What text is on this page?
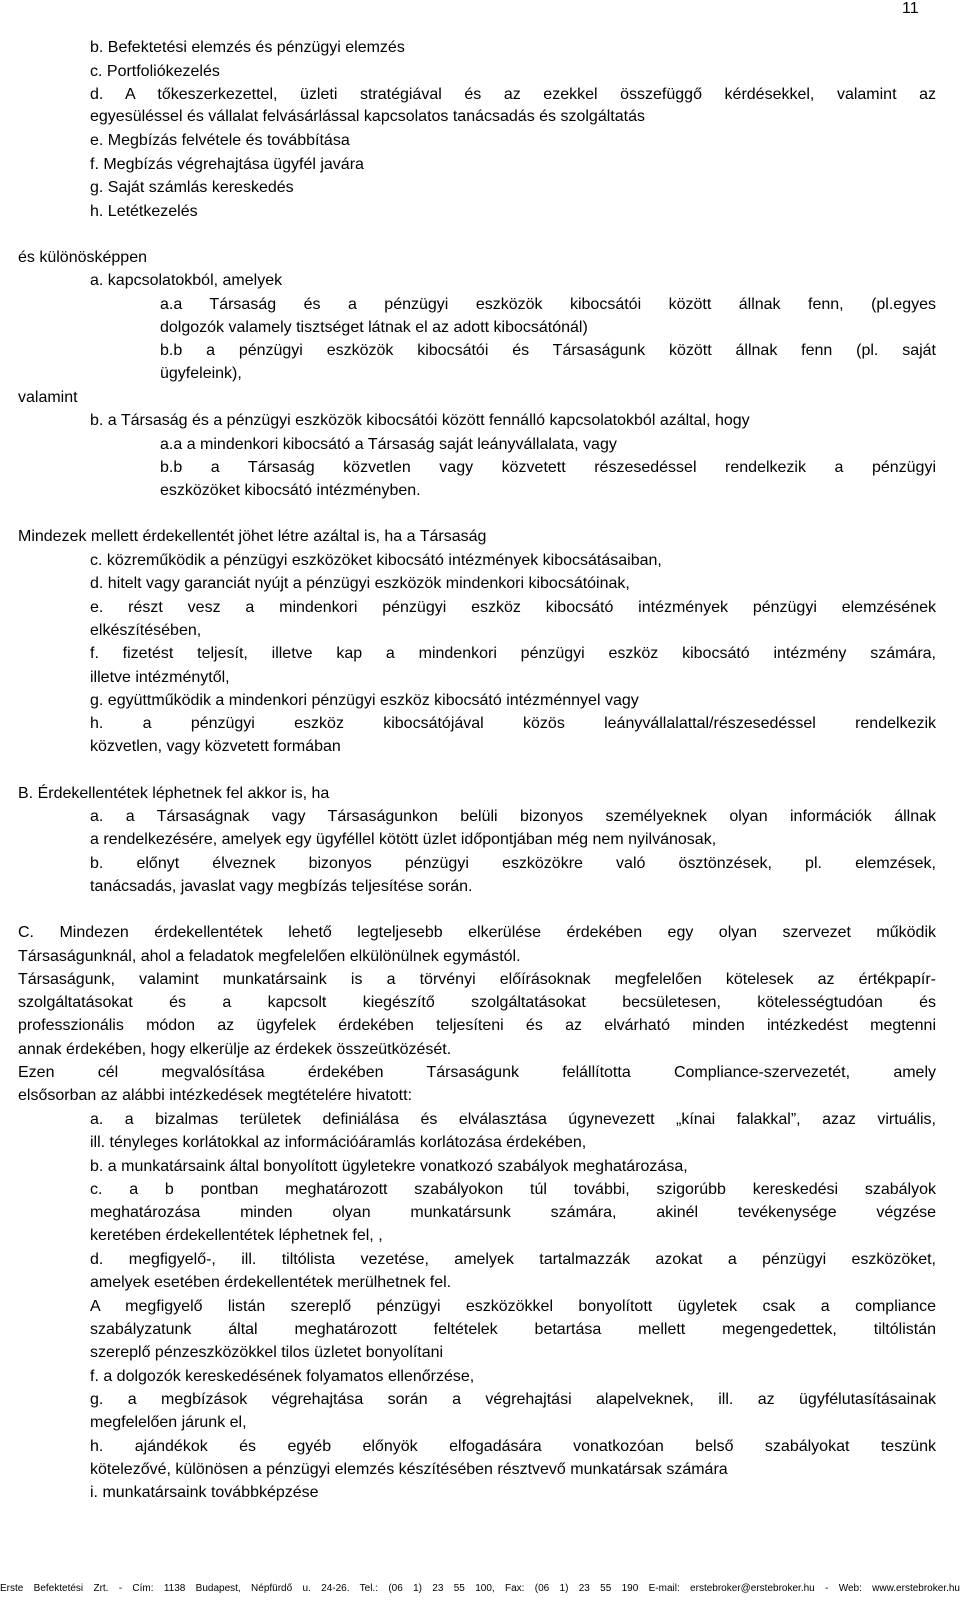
11
b. Befektetési elemzés és pénzügyi elemzés
c. Portfoliókezelés
d. A tőkeszerkezettel, üzleti stratégiával és az ezekkel összefüggő kérdésekkel, valamint az
egyesüléssel és vállalat felvásárlással kapcsolatos tanácsadás és szolgáltatás
e. Megbízás felvétele és továbbítása
f. Megbízás végrehajtása ügyfél javára
g. Saját számlás kereskedés
h. Letétkezelés
és különösképpen
a. kapcsolatokból, amelyek
a.a Társaság és a pénzügyi eszközök kibocsátói között állnak fenn, (pl.egyes
dolgozók valamely tisztséget látnak el az adott kibocsátónál)
b.b a pénzügyi eszközök kibocsátói és Társaságunk között állnak fenn (pl. saját
ügyfeleink),
valamint
b. a Társaság és a pénzügyi eszközök kibocsátói között fennálló kapcsolatokból azáltal, hogy
a.a a mindenkori kibocsátó a Társaság saját leányvállalata, vagy
b.b a Társaság közvetlen vagy közvetett részesedéssel rendelkezik a pénzügyi
eszközöket kibocsátó intézményben.
Mindezek mellett érdekellentét jöhet létre azáltal is, ha a Társaság
c. közreműködik a pénzügyi eszközöket kibocsátó intézmények kibocsátásaiban,
d. hitelt vagy garanciát nyújt a pénzügyi eszközök mindenkori kibocsátóinak,
e. részt vesz a mindenkori pénzügyi eszköz kibocsátó intézmények pénzügyi elemzésének
elkészítésében,
f. fizetést teljesít, illetve kap a mindenkori pénzügyi eszköz kibocsátó intézmény számára,
illetve intézménytől,
g. együttműködik a mindenkori pénzügyi eszköz kibocsátó intézménnyel vagy
h. a pénzügyi eszköz kibocsátójával közös leányvállalattal/részesedéssel rendelkezik
közvetlen, vagy közvetett formában
B. Érdekellentétek léphetnek fel akkor is, ha
a. a Társaságnak vagy Társaságunkon belüli bizonyos személyeknek olyan információk állnak
a rendelkezésére, amelyek egy ügyféllel kötött üzlet időpontjában még nem nyilvánosak,
b. előnyt élveznek bizonyos pénzügyi eszközökre való ösztönzések, pl. elemzések,
tanácsadás, javaslat vagy megbízás teljesítése során.
C. Mindezen érdekellentétek lehető legteljesebb elkerülése érdekében egy olyan szervezet működik
Társaságunknál, ahol a feladatok megfelelően elkülönülnek egymástól.
Társaságunk, valamint munkatársaink is a törvényi előírásoknak megfelelően kötelesek az értékpapír-
szolgáltatásokat és a kapcsolt kiegészítő szolgáltatásokat becsületesen, kötelességtudóan és
professzionális módon az ügyfelek érdekében teljesíteni és az elvárható minden intézkedést megtenni
annak érdekében, hogy elkerülje az érdekek összeütközését.
Ezen cél megvalósítása érdekében Társaságunk felállította Compliance-szervezetét, amely
elsősorban az alábbi intézkedések megtételére hivatott:
a. a bizalmas területek definiálása és elválasztása úgynevezett „kínai falakkal”, azaz virtuális,
ill. tényleges korlátokkal az információáramlás korlátozása érdekében,
b. a munkatársaink által bonyolított ügyletekre vonatkozó szabályok meghatározása,
c. a b pontban meghatározott szabályokon túl további, szigorúbb kereskedési szabályok
meghatározása minden olyan munkatársunk számára, akinél tevékenysége végzése
keretében érdekellentétek léphetnek fel, ,
d. megfigyelő-, ill. tiltólista vezetése, amelyek tartalmazzák azokat a pénzügyi eszközöket,
amelyek esetében érdekellentétek merülhetnek fel.
A megfigyelő listán szereplő pénzügyi eszközökkel bonyolított ügyletek csak a compliance
szabályzatunk által meghatározott feltételek betartása mellett megengedettek, tiltólistán
szereplő pénzeszközökkel tilos üzletet bonyolítani
f. a dolgozók kereskedésének folyamatos ellenőrzése,
g. a megbízások végrehajtása során a végrehajtási alapelveknek, ill. az ügyfélutasításainak
megfelelően járunk el,
h. ajándékok és egyéb előnyök elfogadására vonatkozóan belső szabályokat teszünk
kötelezővé, különösen a pénzügyi elemzés készítésében résztvevő munkatársak számára
i. munkatársaink továbbképzése
Erste Befektetési Zrt. - Cím: 1138 Budapest, Népfürdő u. 24-26. Tel.: (06 1) 23 55 100, Fax: (06 1) 23 55 190 E-mail: erstebroker@erstebroker.hu - Web: www.erstebroker.hu
